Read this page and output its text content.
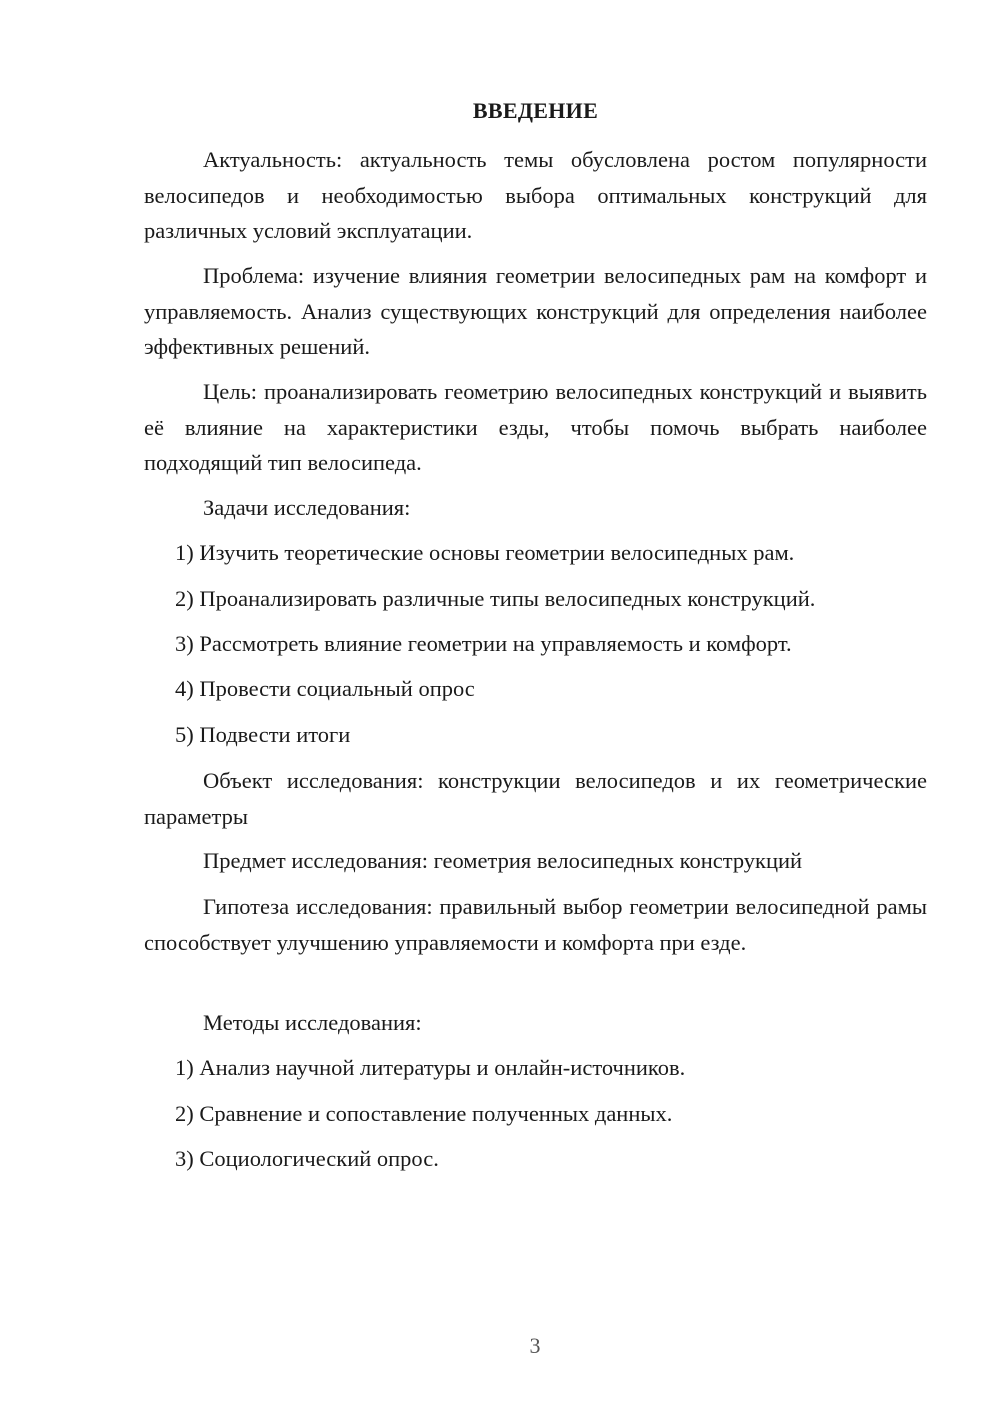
ВВЕДЕНИЕ

Актуальность: актуальность темы обусловлена ростом популярности велосипедов и необходимостью выбора оптимальных конструкций для различных условий эксплуатации.

Проблема: изучение влияния геометрии велосипедных рам на комфорт и управляемость. Анализ существующих конструкций для определения наиболее эффективных решений.

Цель: проанализировать геометрию велосипедных конструкций и выявить её влияние на характеристики езды, чтобы помочь выбрать наиболее подходящий тип велосипеда.

Задачи исследования:

1) Изучить теоретические основы геометрии велосипедных рам.

2) Проанализировать различные типы велосипедных конструкций.

3) Рассмотреть влияние геометрии на управляемость и комфорт.

4) Провести социальный опрос

5) Подвести итоги

Объект исследования: конструкции велосипедов и их геометрические параметры

Предмет исследования: геометрия велосипедных конструкций

Гипотеза исследования: правильный выбор геометрии велосипедной рамы способствует улучшению управляемости и комфорта при езде.

Методы исследования:

1) Анализ научной литературы и онлайн-источников.

2) Сравнение и сопоставление полученных данных.

3) Социологический опрос.

3
